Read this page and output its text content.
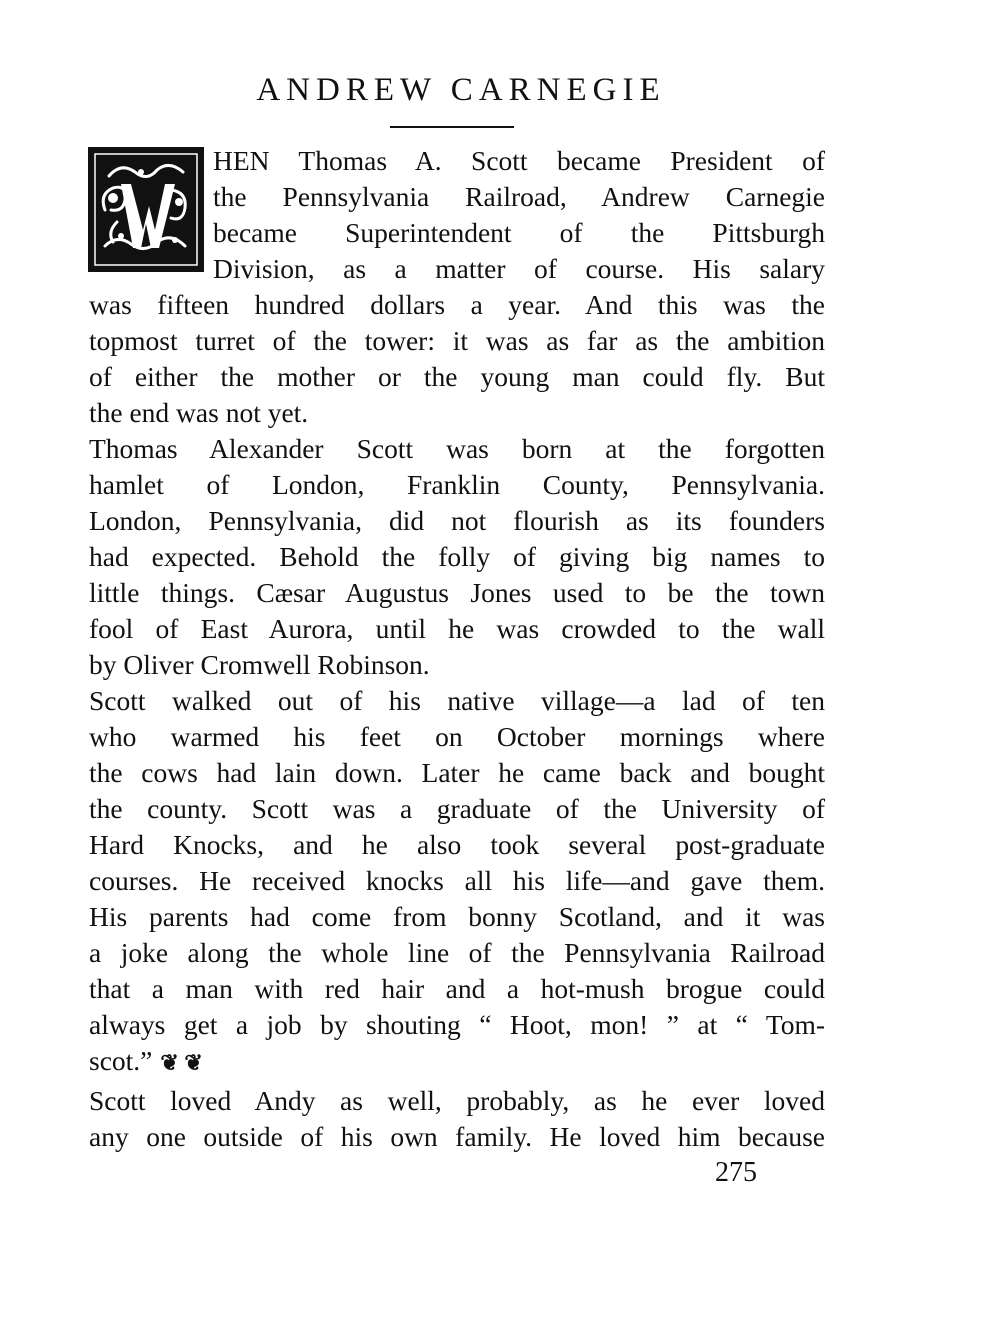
ANDREW CARNEGIE
HEN Thomas A. Scott became President of
the Pennsylvania Railroad, Andrew Carnegie
became Superintendent of the Pittsburgh
Division, as a matter of course. His salary
was fifteen hundred dollars a year. And this was the
topmost turret of the tower: it was as far as the ambition
of either the mother or the young man could fly. But
the end was not yet.
Thomas Alexander Scott was born at the forgotten
hamlet of London, Franklin County, Pennsylvania.
London, Pennsylvania, did not flourish as its founders
had expected. Behold the folly of giving big names to
little things. Cæsar Augustus Jones used to be the town
fool of East Aurora, until he was crowded to the wall
by Oliver Cromwell Robinson.
Scott walked out of his native village—a lad of ten
who warmed his feet on October mornings where
the cows had lain down. Later he came back and bought
the county. Scott was a graduate of the University of
Hard Knocks, and he also took several post-graduate
courses. He received knocks all his life—and gave them.
His parents had come from bonny Scotland, and it was
a joke along the whole line of the Pennsylvania Railroad
that a man with red hair and a hot-mush brogue could
always get a job by shouting “ Hoot, mon! ” at “ Tom-
scot.” ❦ ❦
Scott loved Andy as well, probably, as he ever loved
any one outside of his own family. He loved him because
275
